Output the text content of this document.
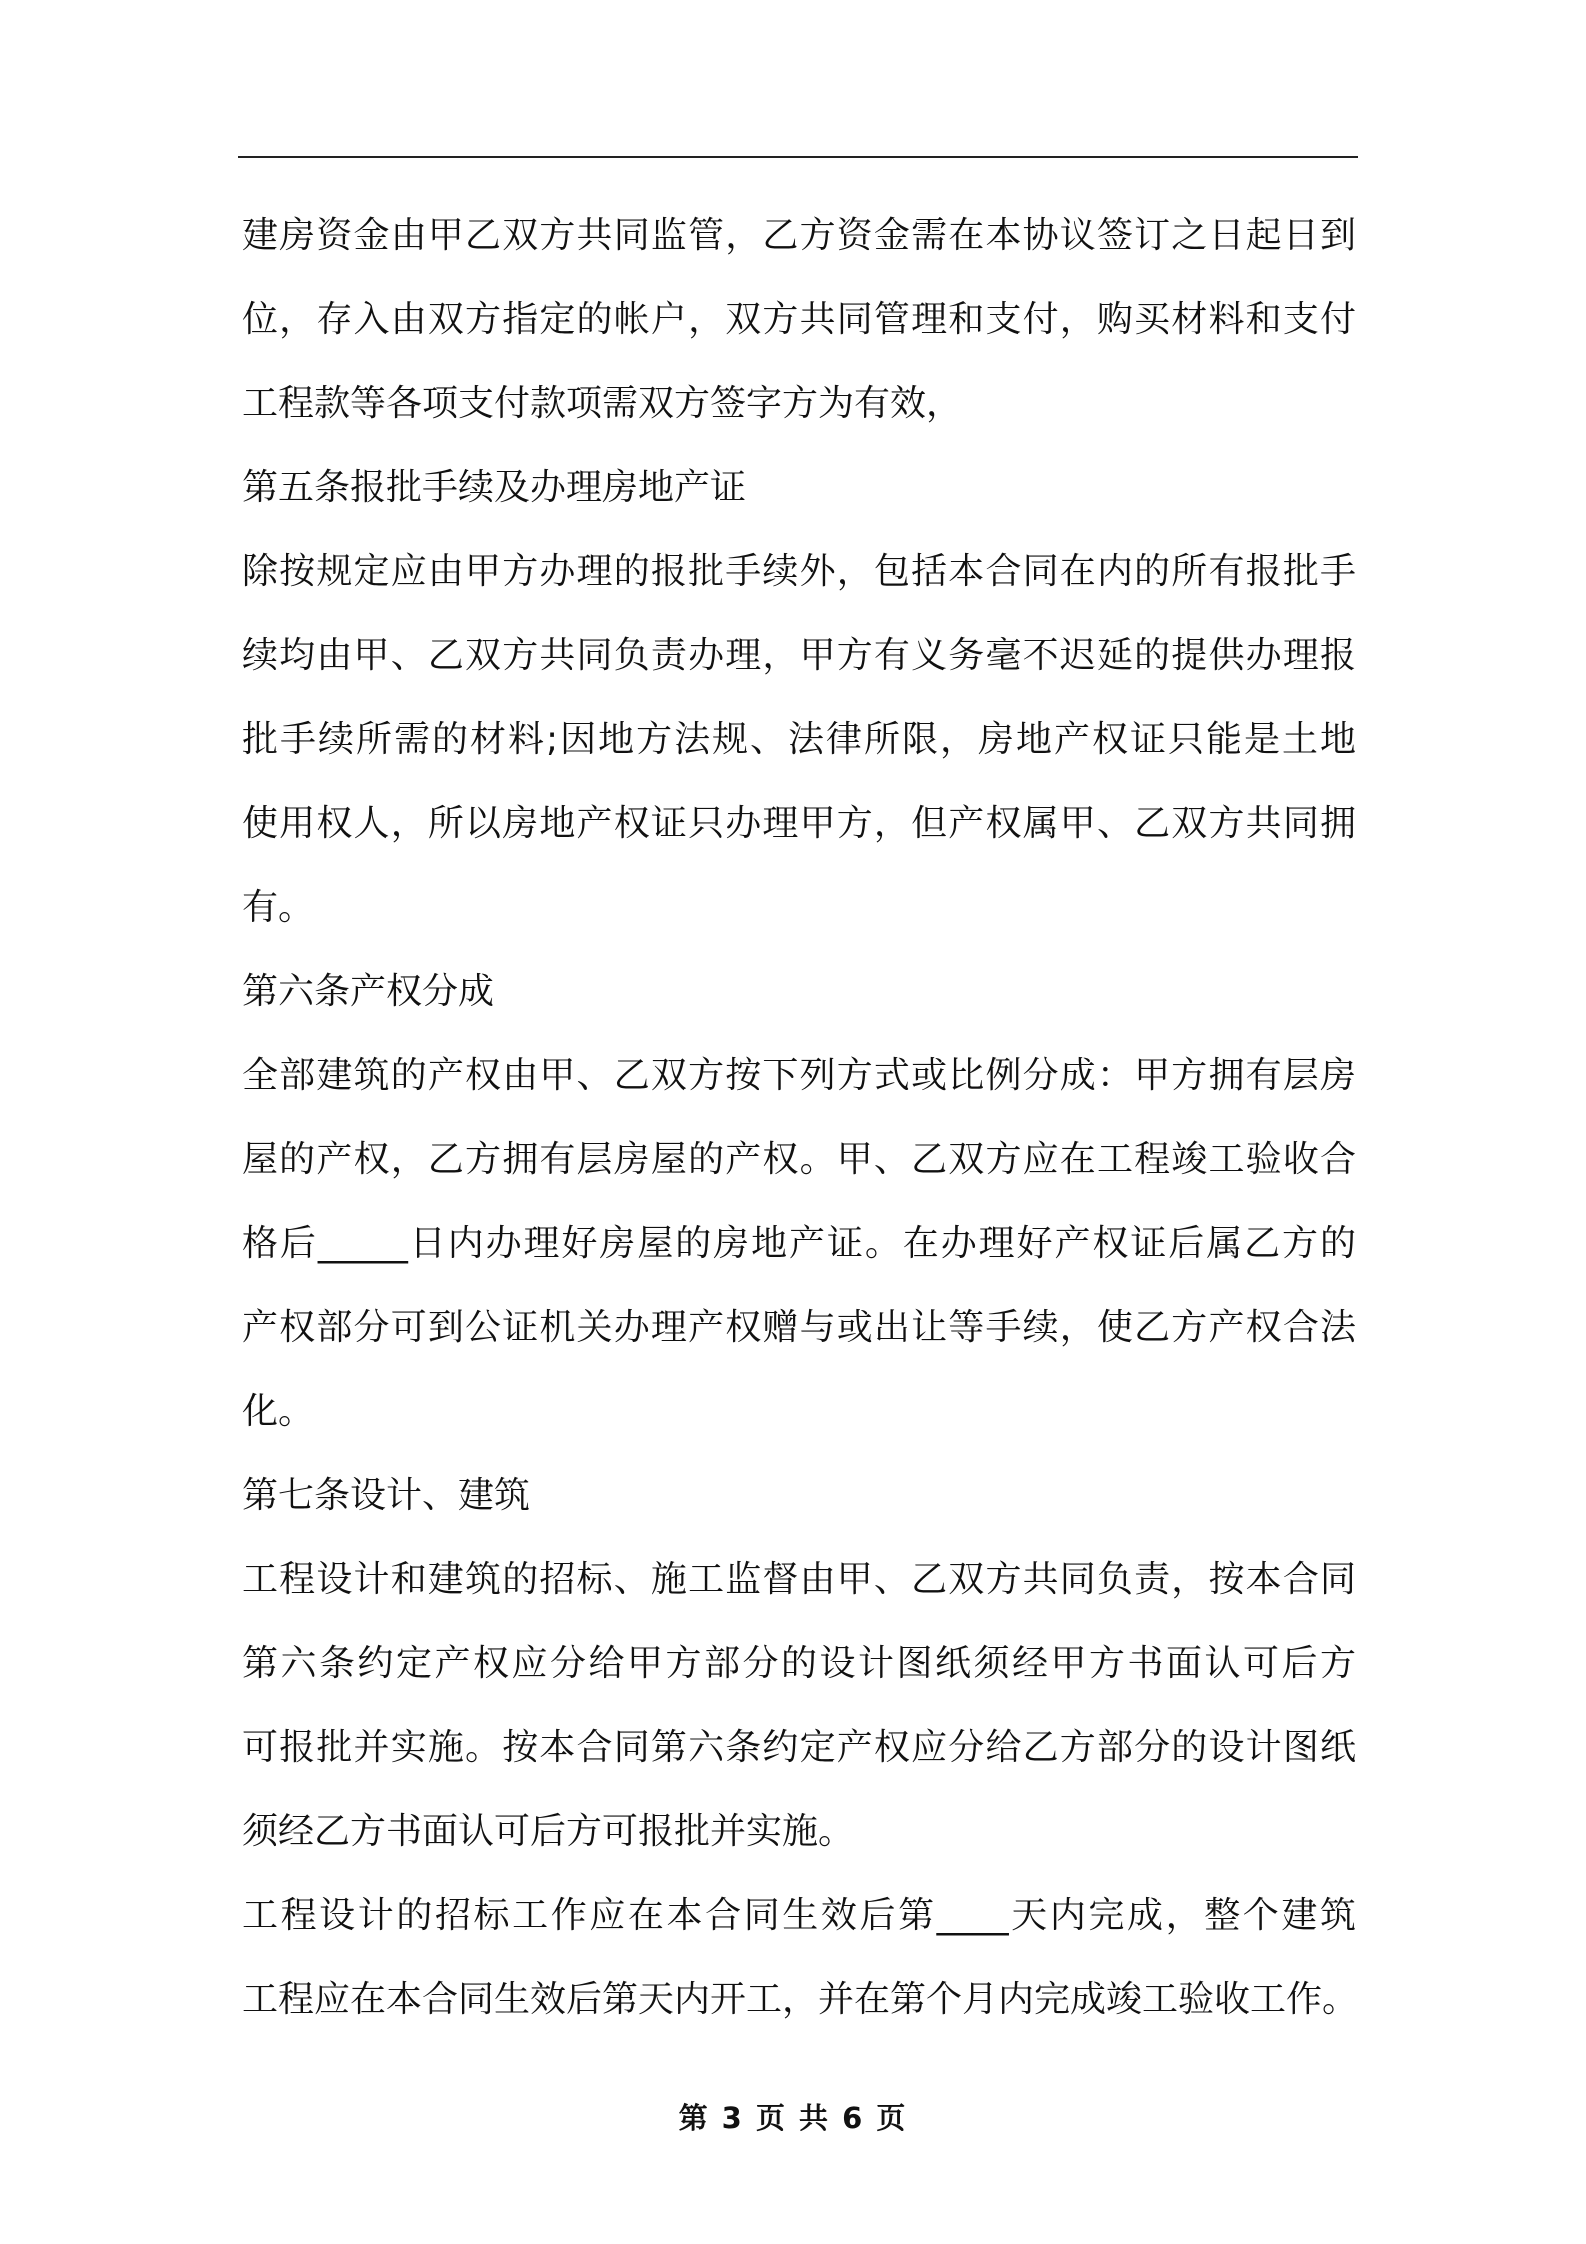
建房资金由甲乙双方共同监管，乙方资金需在本协议签订之日起日到
位，存入由双方指定的帐户，双方共同管理和支付，购买材料和支付
工程款等各项支付款项需双方签字方为有效，
第五条报批手续及办理房地产证
除按规定应由甲方办理的报批手续外，包括本合同在内的所有报批手
续均由甲、乙双方共同负责办理，甲方有义务毫不迟延的提供办理报
批手续所需的材料;因地方法规、法律所限，房地产权证只能是土地
使用权人，所以房地产权证只办理甲方，但产权属甲、乙双方共同拥
有。
第六条产权分成
全部建筑的产权由甲、乙双方按下列方式或比例分成：甲方拥有层房
屋的产权，乙方拥有层房屋的产权。甲、乙双方应在工程竣工验收合
格后_____日内办理好房屋的房地产证。在办理好产权证后属乙方的
产权部分可到公证机关办理产权赠与或出让等手续，使乙方产权合法
化。
第七条设计、建筑
工程设计和建筑的招标、施工监督由甲、乙双方共同负责，按本合同
第六条约定产权应分给甲方部分的设计图纸须经甲方书面认可后方
可报批并实施。按本合同第六条约定产权应分给乙方部分的设计图纸
须经乙方书面认可后方可报批并实施。
工程设计的招标工作应在本合同生效后第____天内完成，整个建筑
工程应在本合同生效后第天内开工，并在第个月内完成竣工验收工作。
第 3 页 共 6 页
